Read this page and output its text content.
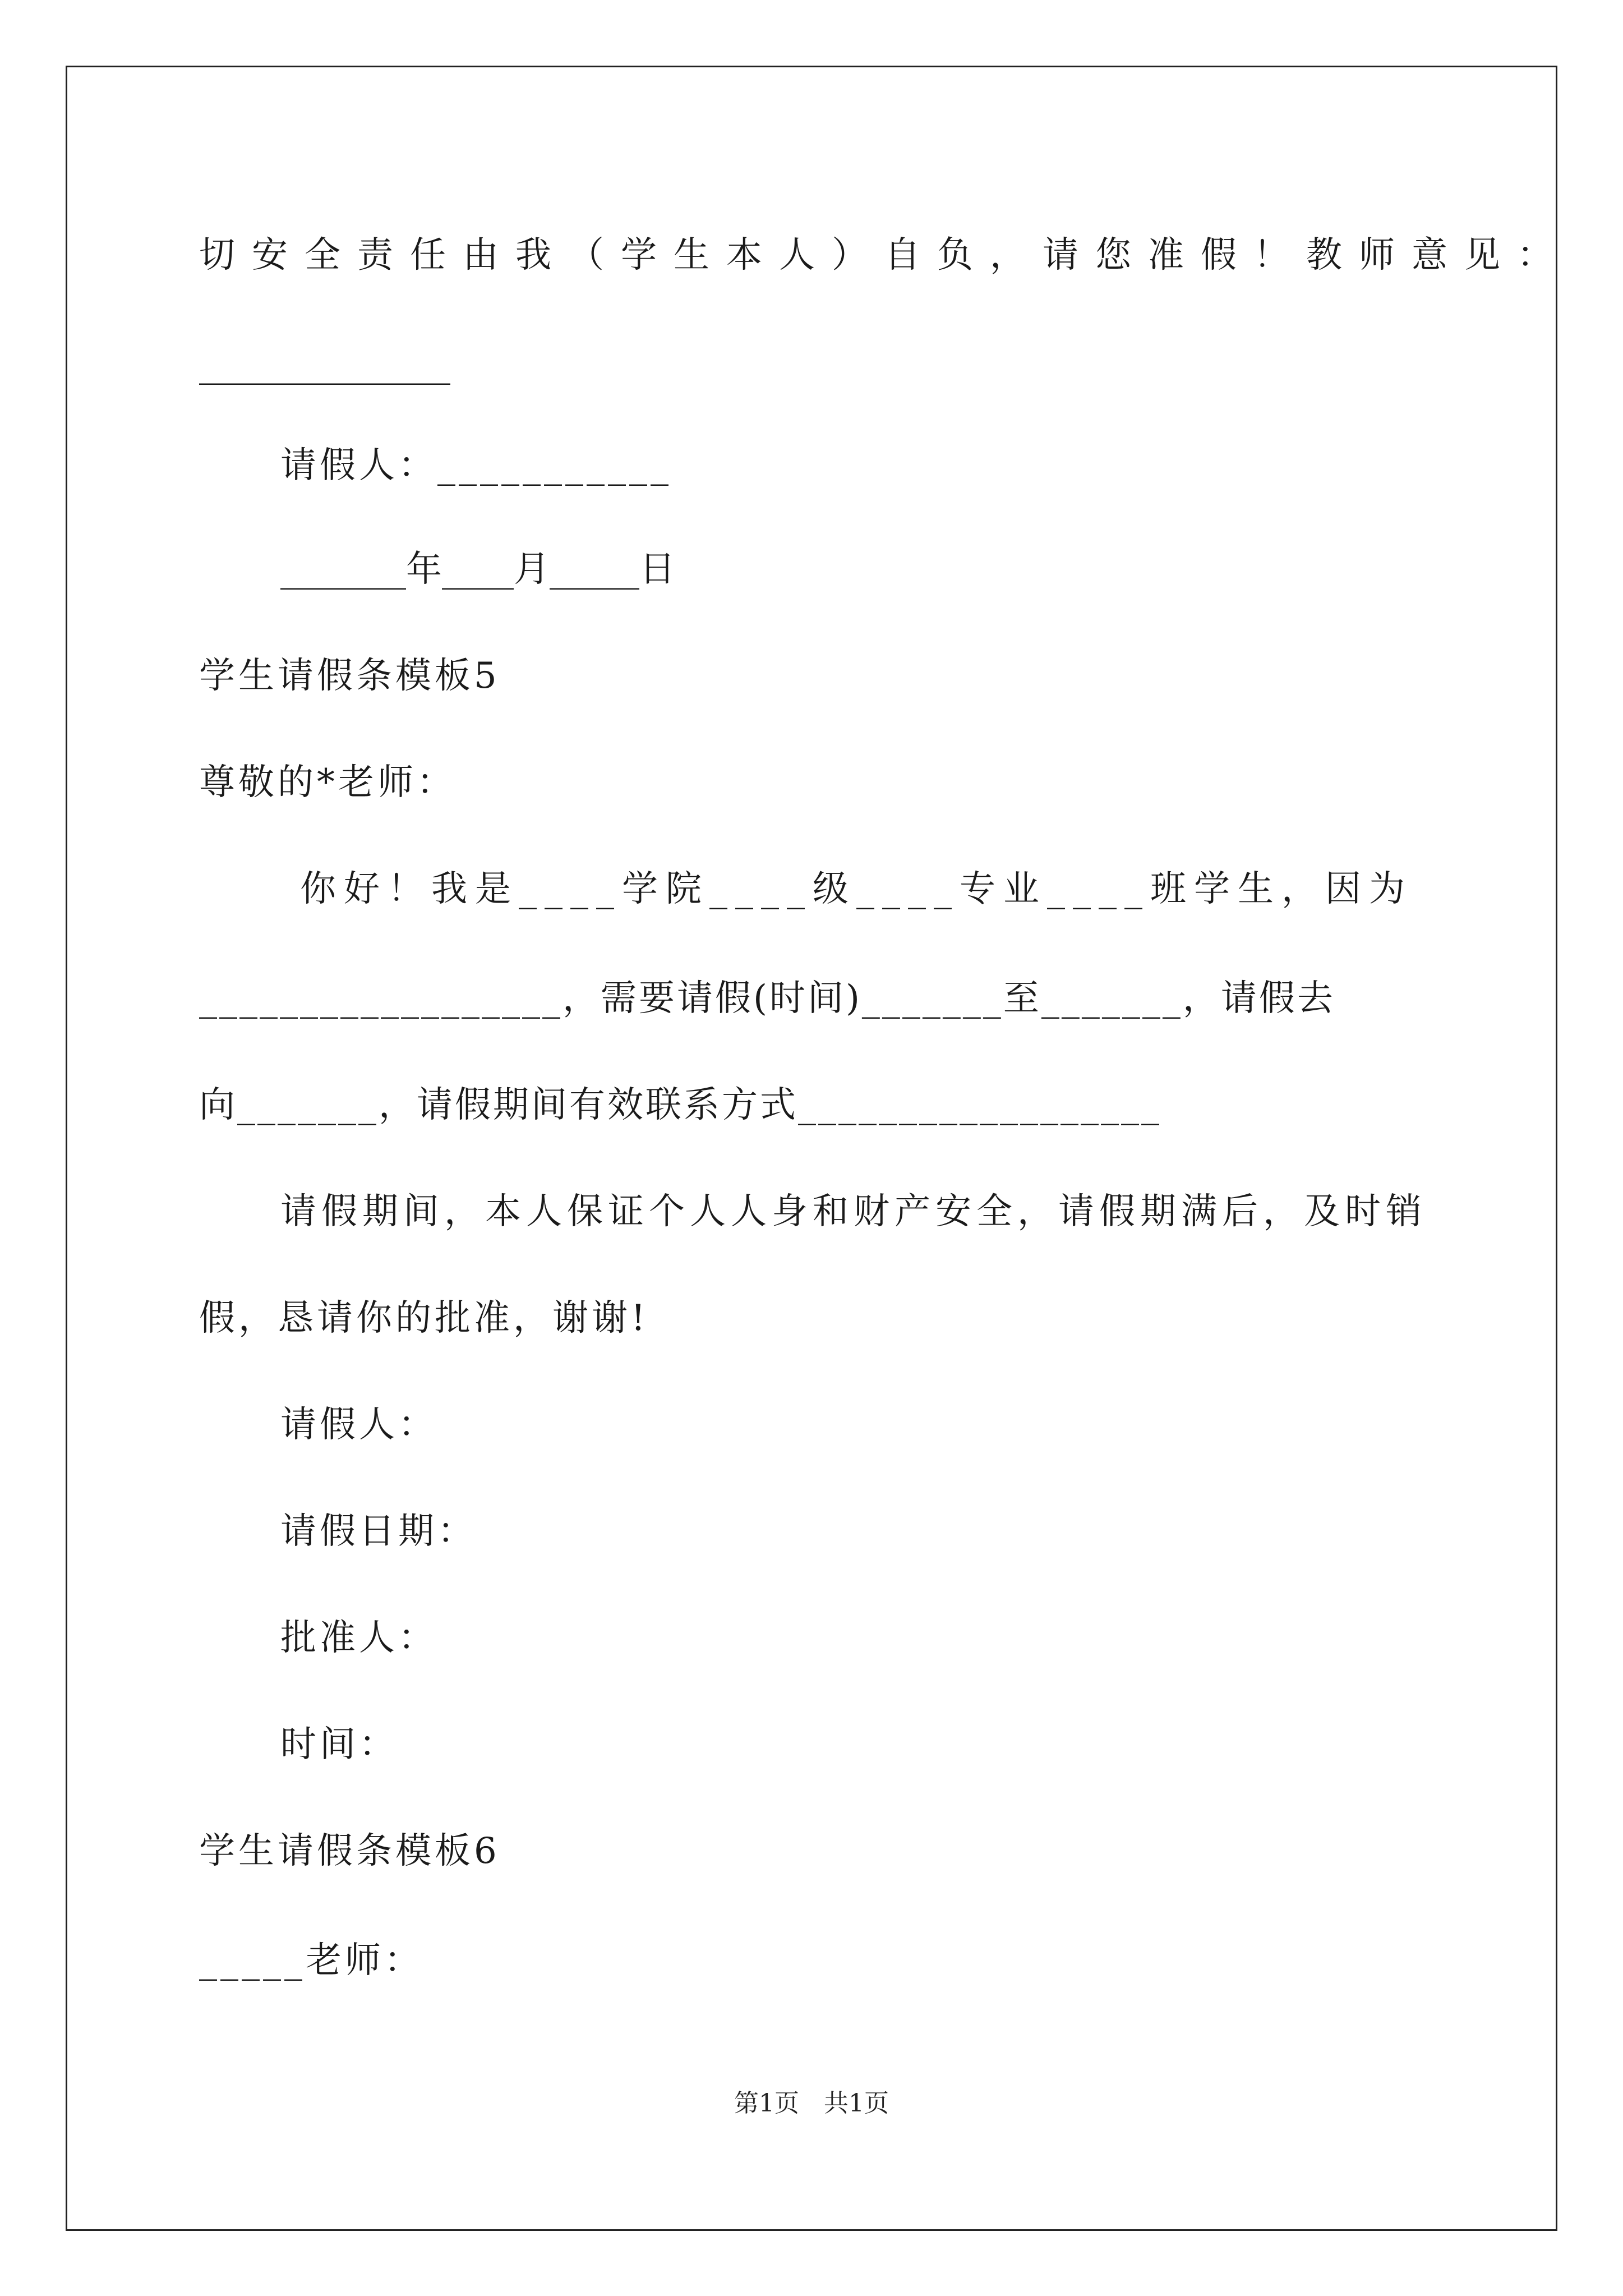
切安全责任由我（学生本人）自负，请您准假！教师意见：
______________
请假人：___________
_______年____月_____日
学生请假条模板5
尊敬的*老师：
你好！我是____学院____级____专业____班学生，因为
__________________，需要请假(时间)_______至_______，请假去
向_______，请假期间有效联系方式__________________
请假期间，本人保证个人人身和财产安全，请假期满后，及时销
假，恳请你的批准，谢谢!
请假人：
请假日期：
批准人：
时间：
学生请假条模板6
_____老师：
第1页　共1页
